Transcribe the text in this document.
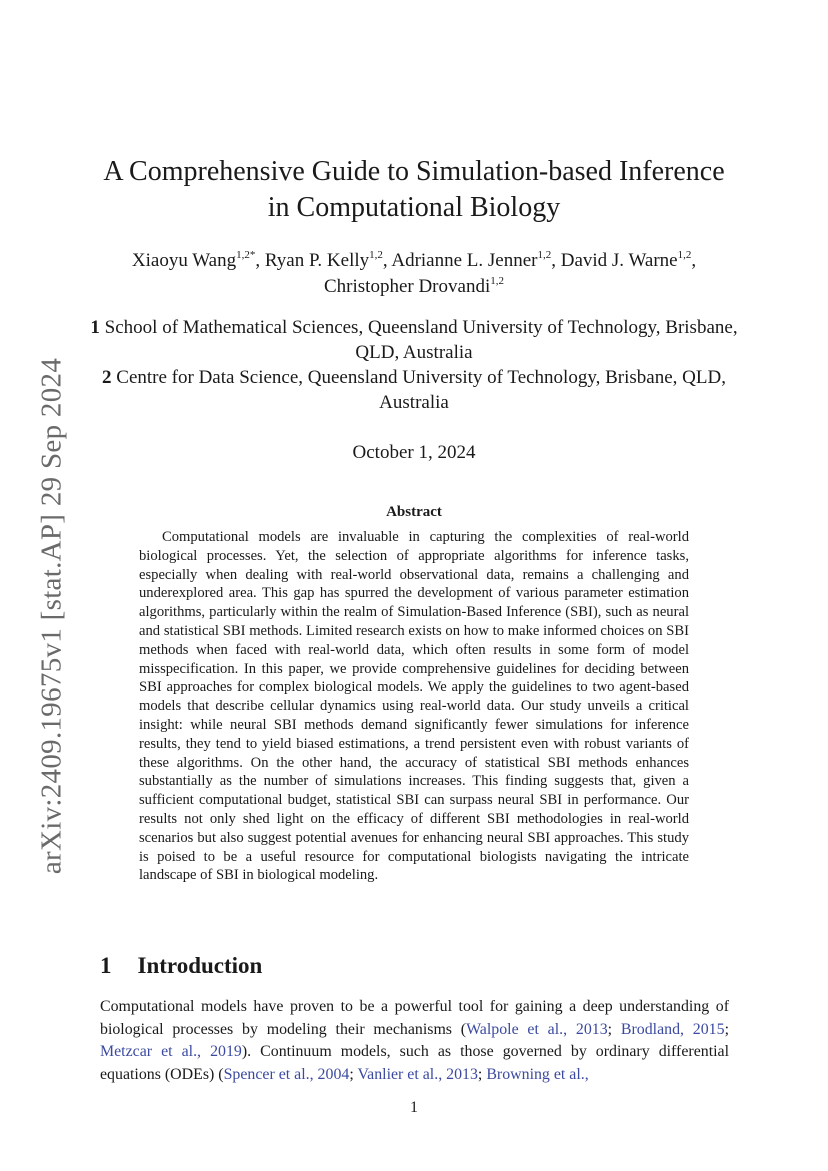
arXiv:2409.19675v1 [stat.AP] 29 Sep 2024
A Comprehensive Guide to Simulation-based Inference
in Computational Biology
Xiaoyu Wang$^{1,2*}$, Ryan P. Kelly$^{1,2}$, Adrianne L. Jenner$^{1,2}$, David J. Warne$^{1,2}$, Christopher Drovandi$^{1,2}$

1 School of Mathematical Sciences, Queensland University of Technology, Brisbane, QLD, Australia

2 Centre for Data Science, Queensland University of Technology, Brisbane, QLD, Australia

October 1, 2024
Abstract

Computational models are invaluable in capturing the complexities of real-world biological processes. Yet, the selection of appropriate algorithms for inference tasks, especially when dealing with real-world observational data, remains a challenging and underexplored area. This gap has spurred the development of various parameter estimation algorithms, particularly within the realm of Simulation-Based Inference (SBI), such as neural and statistical SBI methods. Limited research exists on how to make informed choices on SBI methods when faced with real-world data, which often results in some form of model misspecification. In this paper, we provide comprehensive guidelines for deciding between SBI approaches for complex biological models. We apply the guidelines to two agent-based models that describe cellular dynamics using real-world data. Our study unveils a critical insight: while neural SBI methods demand significantly fewer simulations for inference results, they tend to yield biased estimations, a trend persistent even with robust variants of these algorithms. On the other hand, the accuracy of statistical SBI methods enhances substantially as the number of simulations increases. This finding suggests that, given a sufficient computational budget, statistical SBI can surpass neural SBI in performance. Our results not only shed light on the efficacy of different SBI methodologies in real-world scenarios but also suggest potential avenues for enhancing neural SBI approaches. This study is poised to be a useful resource for computational biologists navigating the intricate landscape of SBI in biological modeling.

1 Introduction

Computational models have proven to be a powerful tool for gaining a deep understanding of biological processes by modeling their mechanisms (Walpole et al., 2013; Brodland, 2015; Metzcar et al., 2019). Continuum models, such as those governed by ordinary differential equations (ODEs) (Spencer et al., 2004; Vanlier et al., 2013; Browning et al.,

1
